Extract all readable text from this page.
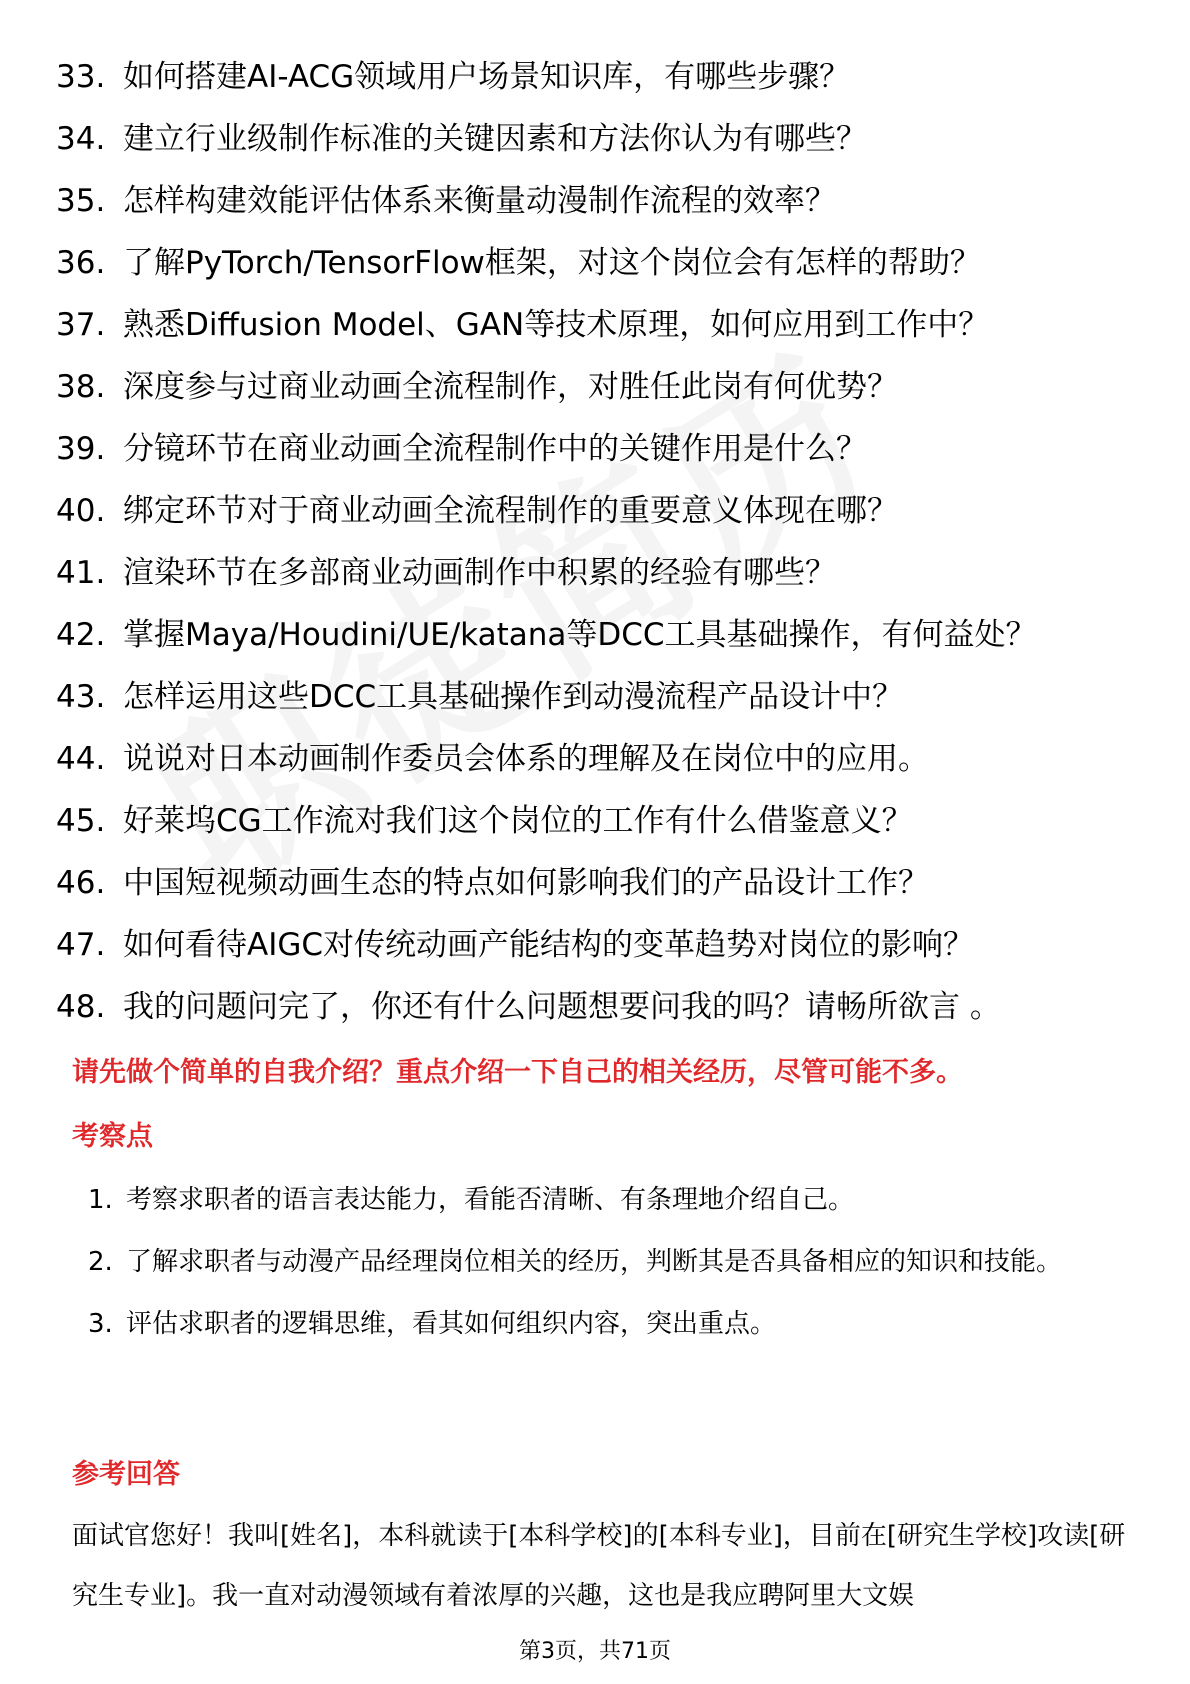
33. 如何搭建AI-ACG领域用户场景知识库，有哪些步骤？
34. 建立行业级制作标准的关键因素和方法你认为有哪些？
35. 怎样构建效能评估体系来衡量动漫制作流程的效率？
36. 了解PyTorch/TensorFlow框架，对这个岗位会有怎样的帮助？
37. 熟悉Diffusion Model、GAN等技术原理，如何应用到工作中？
38. 深度参与过商业动画全流程制作，对胜任此岗有何优势？
39. 分镜环节在商业动画全流程制作中的关键作用是什么？
40. 绑定环节对于商业动画全流程制作的重要意义体现在哪？
41. 渲染环节在多部商业动画制作中积累的经验有哪些？
42. 掌握Maya/Houdini/UE/katana等DCC工具基础操作，有何益处？
43. 怎样运用这些DCC工具基础操作到动漫流程产品设计中？
44. 说说对日本动画制作委员会体系的理解及在岗位中的应用。
45. 好莱坞CG工作流对我们这个岗位的工作有什么借鉴意义？
46. 中国短视频动画生态的特点如何影响我们的产品设计工作？
47. 如何看待AIGC对传统动画产能结构的变革趋势对岗位的影响？
48. 我的问题问完了，你还有什么问题想要问我的吗？请畅所欲言 。
请先做个简单的自我介绍？重点介绍一下自己的相关经历，尽管可能不多。
考察点
1. 考察求职者的语言表达能力，看能否清晰、有条理地介绍自己。
2. 了解求职者与动漫产品经理岗位相关的经历，判断其是否具备相应的知识和技能。
3. 评估求职者的逻辑思维，看其如何组织内容，突出重点。
参考回答
面试官您好！我叫[姓名]，本科就读于[本科学校]的[本科专业]，目前在[研究生学校]攻读[研究生专业]。我一直对动漫领域有着浓厚的兴趣，这也是我应聘阿里大文娱
第3页，共71页
